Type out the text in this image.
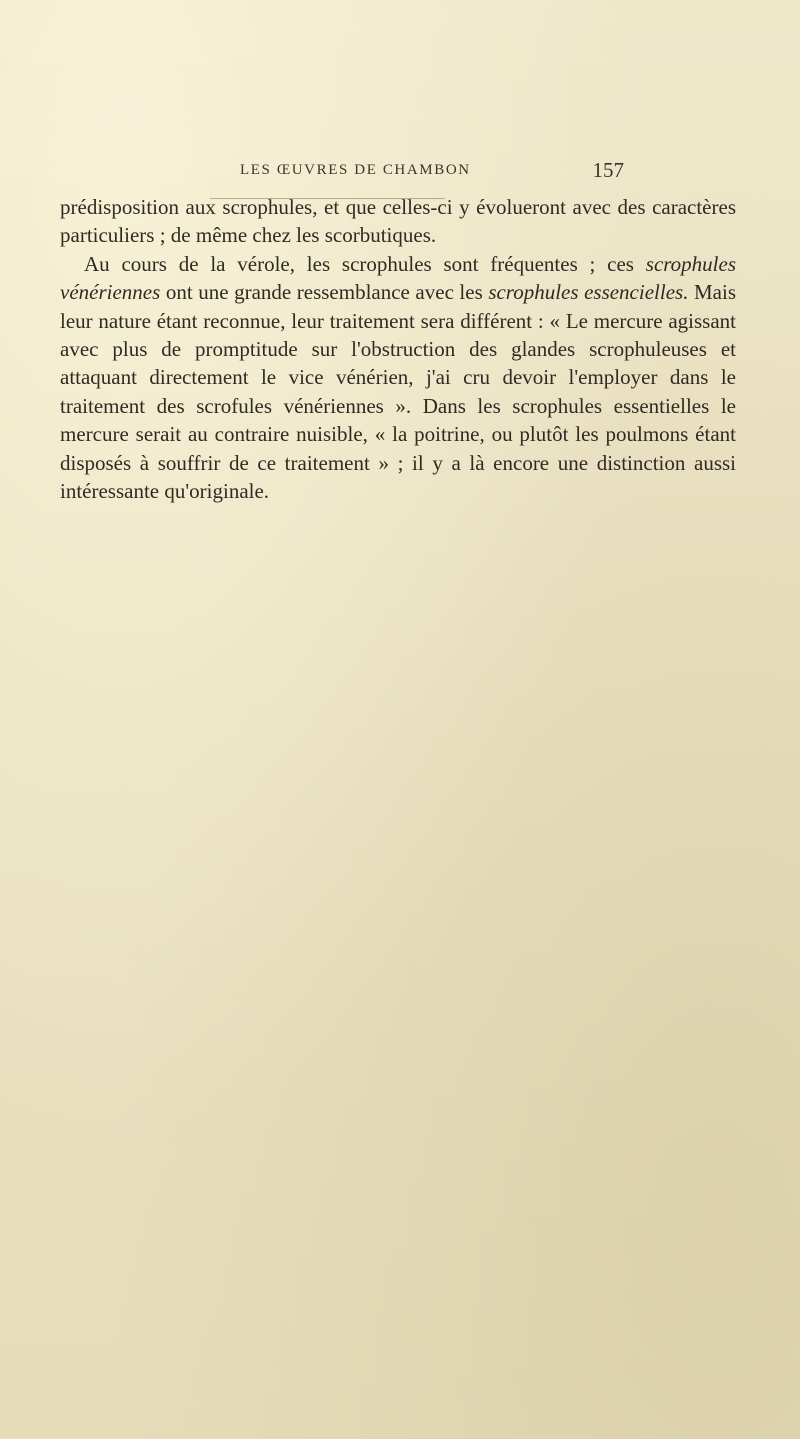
LES ŒUVRES DE CHAMBON	157

prédisposition aux scrophules, et que celles-ci y évolueront avec des caractères particuliers ; de même chez les scorbutiques.

Au cours de la vérole, les scrophules sont fréquentes ; ces scrophules vénériennes ont une grande ressemblance avec les scrophules essencielles. Mais leur nature étant reconnue, leur traitement sera différent : « Le mercure agissant avec plus de promptitude sur l'obstruction des glandes scrophuleuses et attaquant directement le vice vénérien, j'ai cru devoir l'employer dans le traitement des scrofules vénériennes ». Dans les scrophules essentielles le mercure serait au contraire nuisible, « la poitrine, ou plutôt les poulmons étant disposés à souffrir de ce traitement » ; il y a là encore une distinction aussi intéressante qu'originale.
